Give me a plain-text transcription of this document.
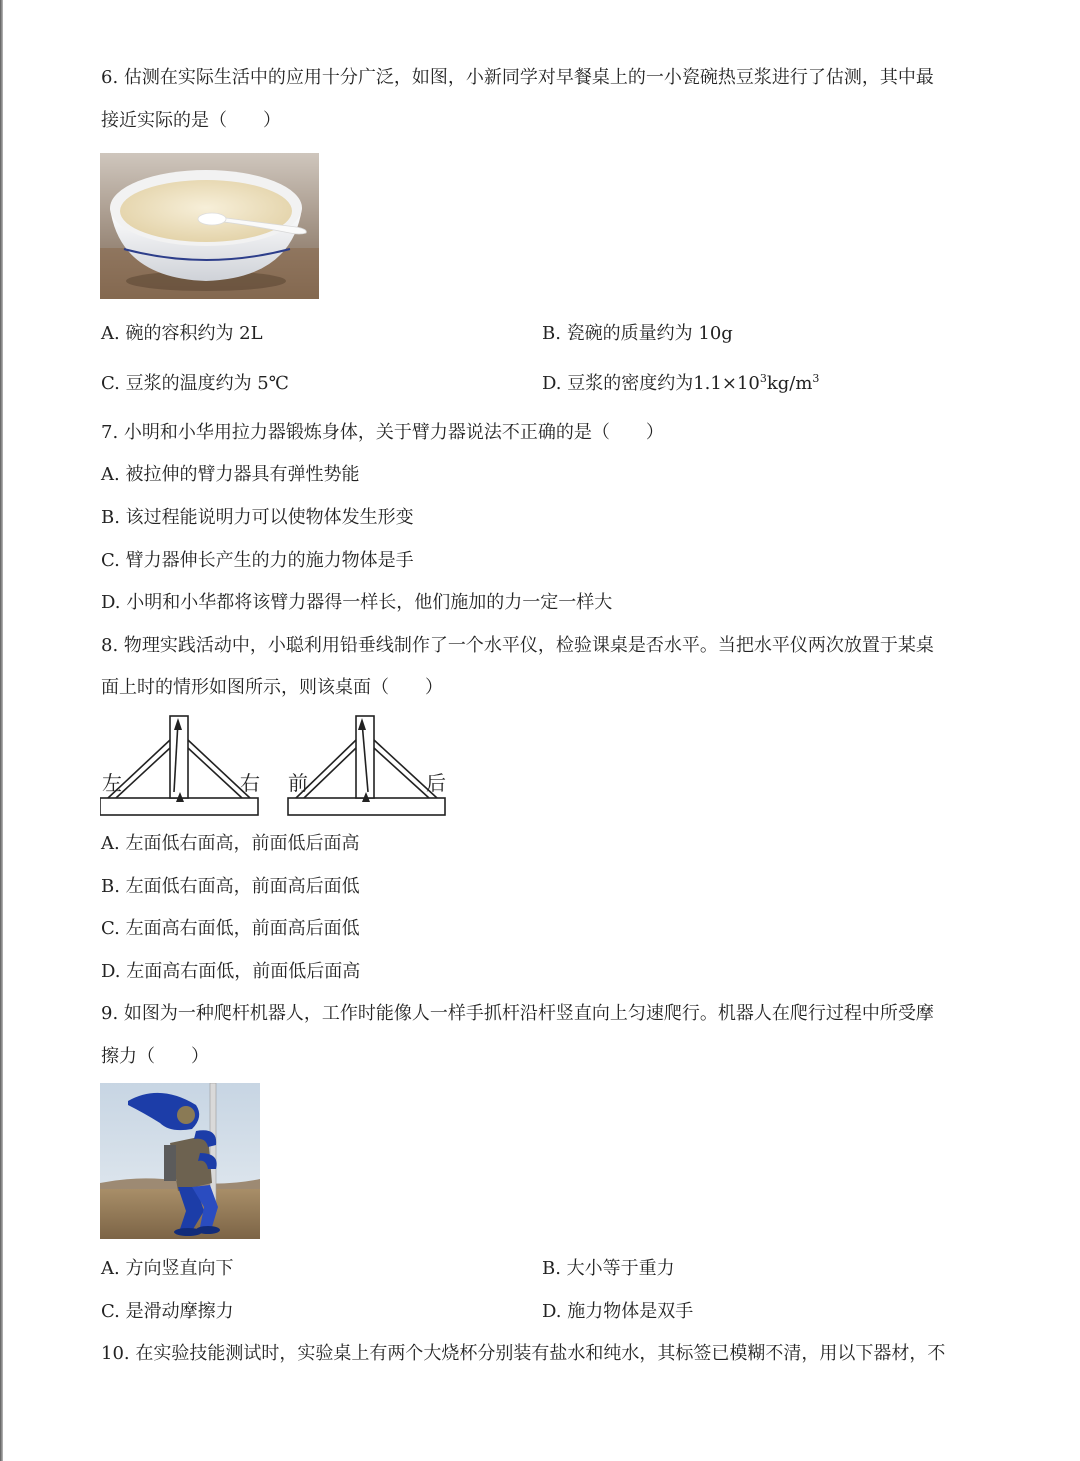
6. 估测在实际生活中的应用十分广泛，如图，小新同学对早餐桌上的一小瓷碗热豆浆进行了估测，其中最
接近实际的是（　　）
A. 碗的容积约为 2L	B. 瓷碗的质量约为 10g
C. 豆浆的温度约为 5℃	D. 豆浆的密度约为$1.1\times 10^3kg/m^3$
7. 小明和小华用拉力器锻炼身体，关于臂力器说法不正确的是（　　）
A. 被拉伸的臂力器具有弹性势能
B. 该过程能说明力可以使物体发生形变
C. 臂力器伸长产生的力的施力物体是手
D. 小明和小华都将该臂力器得一样长，他们施加的力一定一样大
8. 物理实践活动中，小聪利用铅垂线制作了一个水平仪，检验课桌是否水平。当把水平仪两次放置于某桌
面上时的情形如图所示，则该桌面（　　）
左	右 前	后
A. 左面低右面高，前面低后面高
B. 左面低右面高，前面高后面低
C. 左面高右面低，前面高后面低
D. 左面高右面低，前面低后面高
9. 如图为一种爬杆机器人，工作时能像人一样手抓杆沿杆竖直向上匀速爬行。机器人在爬行过程中所受摩
擦力（　　）
A. 方向竖直向下	B. 大小等于重力
C. 是滑动摩擦力	D. 施力物体是双手
10. 在实验技能测试时，实验桌上有两个大烧杯分别装有盐水和纯水，其标签已模糊不清，用以下器材，不
